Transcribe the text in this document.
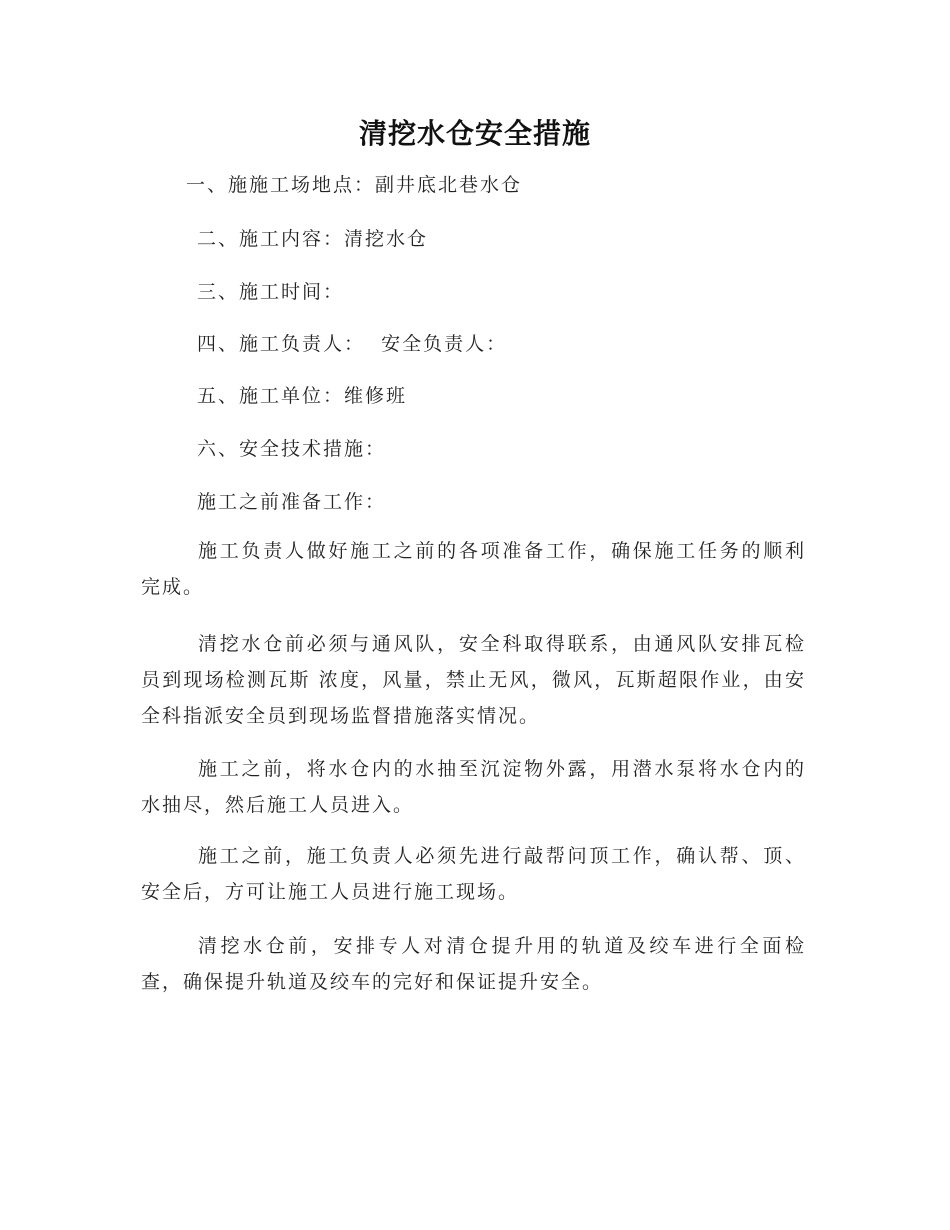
清挖水仓安全措施
一、施施工场地点：副井底北巷水仓
二、施工内容：清挖水仓
三、施工时间：
四、施工负责人：  安全负责人：
五、施工单位：维修班
六、安全技术措施：
施工之前准备工作：
施工负责人做好施工之前的各项准备工作，确保施工任务的顺利完成。
清挖水仓前必须与通风队，安全科取得联系，由通风队安排瓦检员到现场检测瓦斯 浓度，风量，禁止无风，微风，瓦斯超限作业，由安全科指派安全员到现场监督措施落实情况。
施工之前，将水仓内的水抽至沉淀物外露，用潜水泵将水仓内的水抽尽，然后施工人员进入。
施工之前，施工负责人必须先进行敲帮问顶工作，确认帮、顶、安全后，方可让施工人员进行施工现场。
清挖水仓前，安排专人对清仓提升用的轨道及绞车进行全面检查，确保提升轨道及绞车的完好和保证提升安全。
